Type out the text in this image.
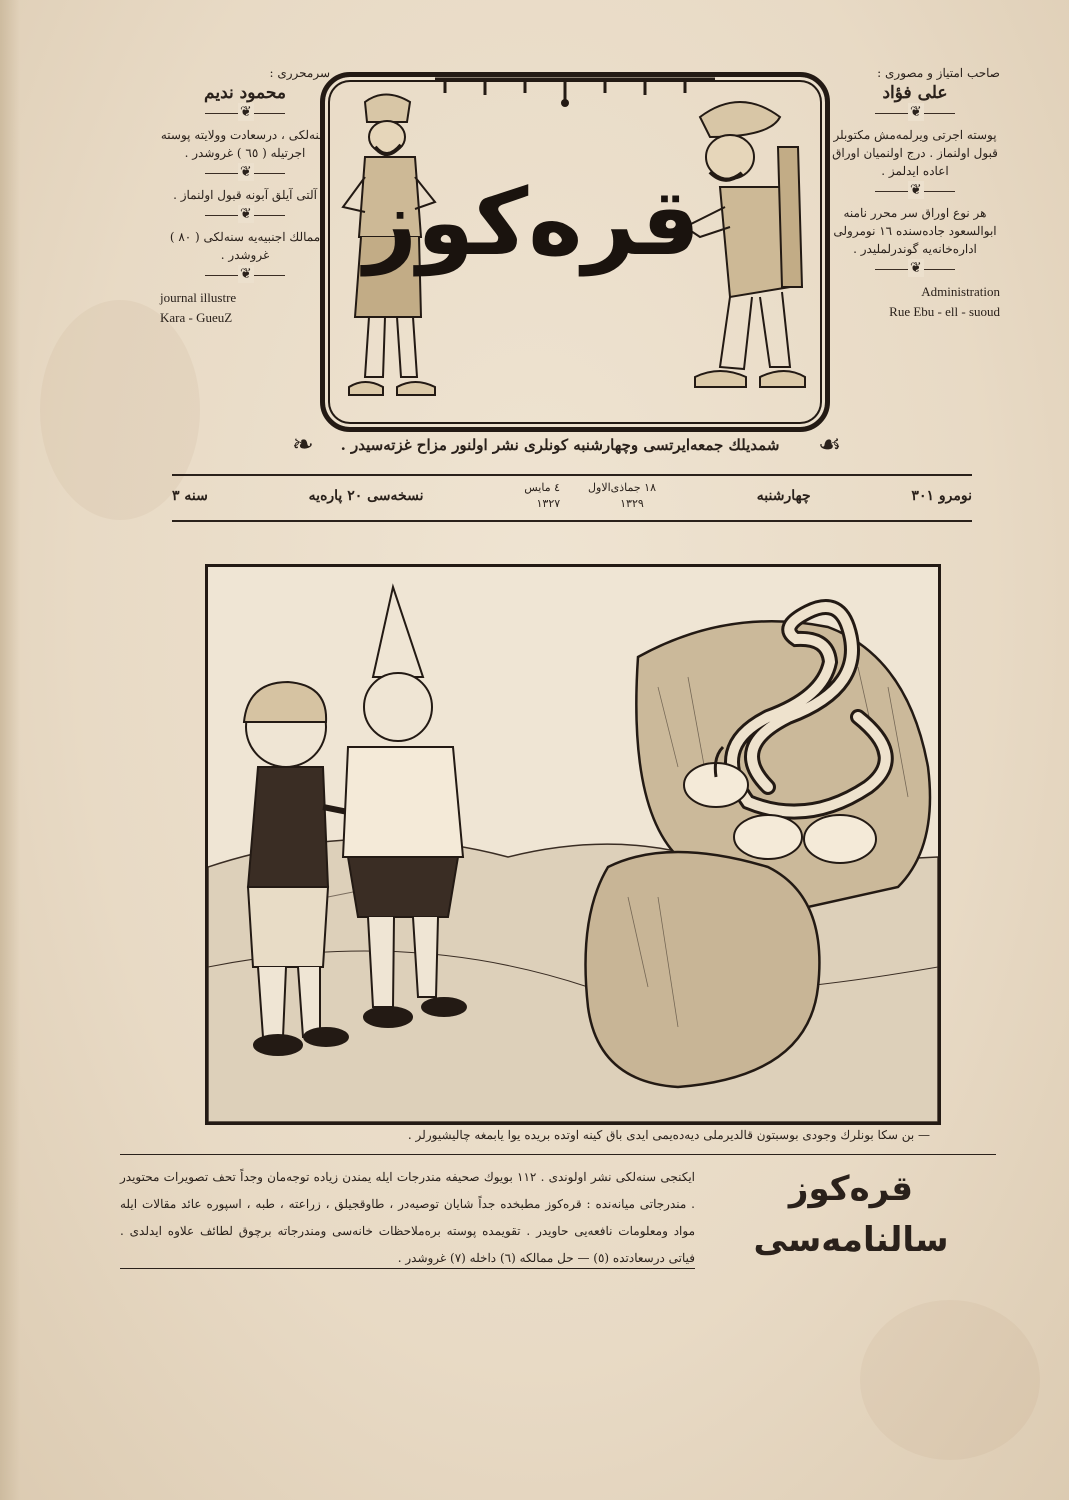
سرمحرری :
محمود نديم
❦
سنه‌لكی ، درسعادت وولايته پوسته اجرتيله ( ٦٥ ) غروشدر .
❦
آلتی آيلق آبونه قبول اولنماز .
❦
ممالك اجنبيه‌يه سنه‌لكی ( ٨٠ ) غروشدر .
❦
journal illustre
Kara - GueuZ
صاحب امتياز و مصوری :
علی فؤاد
❦
پوسته اجرتی ويرلمه‌مش مكتوبلر قبول اولنماز . درج اولنميان اوراق اعاده ايدلمز .
❦
هر نوع اوراق سر محرر نامنه ابوالسعود جاده‌سنده ١٦ نومرولی اداره‌خانه‌يه گوندرلمليدر .
❦
Administration
Rue Ebu - ell - suoud
قره‌كوز
❧	شمديلك جمعه‌ايرتسی وچهارشنبه كونلری نشر اولنور مزاح غزته‌سيدر .	☙
نومرو ٣٠١
چهارشنبه
١٨ جماذی‌الاول
٤ مايس
١٣٢٩
١٣٢٧
نسخه‌سی ٢٠ پاره‌يه
سنه ٣
— بن سكا بونلرك وجودی بوسبتون قالديرملی ديه‌ده‌يمی ايدی باق كينه اوتده بريده يوا يابمغه چاليشيورلر .
ايكنجی سنه‌لكی نشر اولوندی . ١١٢ بويوك صحيفه مندرجات ايله يمندن زياده توجه‌مان وجداً تحف تصويرات محتويدر . مندرجاتی ميانه‌نده : قره‌كوز مطبخده جداً شايان توصيه‌در ، طاوقجيلق ، زراعته ، طبه ، اسپوره عائد مقالات ايله مواد ومعلومات نافعه‌يی حاويدر . تقويمده پوسته بره‌ملاحظات خانه‌سی ومندرجاته برچوق لطائف علاوه ايدلدی . فياتی درسعادتده (٥) — حل ممالكه (٦) داخله (٧) غروشدر .
قره‌كوز سالنامه‌سی
